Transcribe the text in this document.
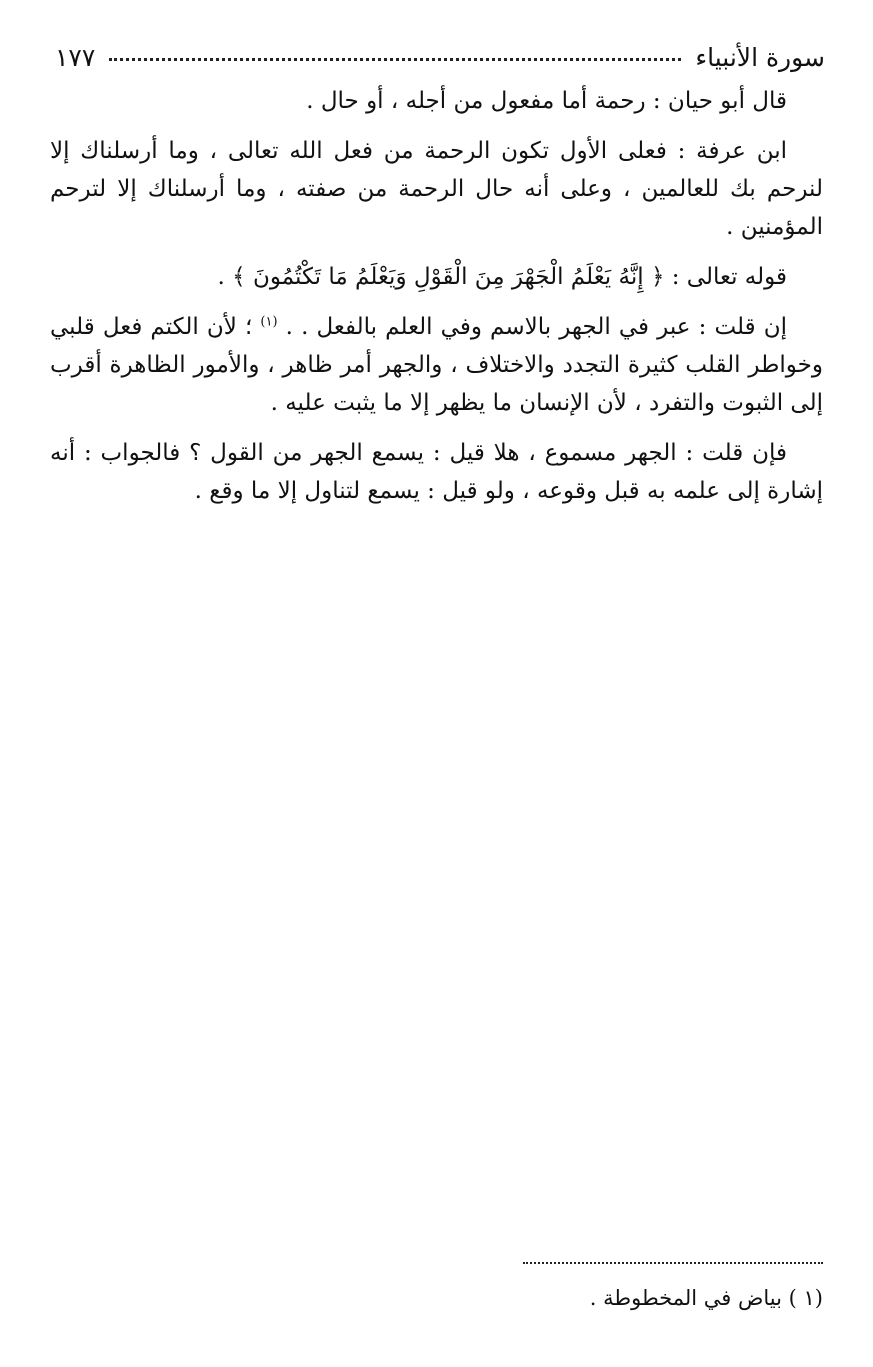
سورة الأنبياء
١٧٧

قال أبو حيان : رحمة أما مفعول من أجله ، أو حال .

ابن عرفة : فعلى الأول تكون الرحمة من فعل الله تعالى ، وما أرسلناك إلا لنرحم بك للعالمين ، وعلى أنه حال الرحمة من صفته ، وما أرسلناك إلا لترحم المؤمنين .

قوله تعالى : ﴿ إِنَّهُ يَعْلَمُ الْجَهْرَ مِنَ الْقَوْلِ وَيَعْلَمُ مَا تَكْتُمُونَ ﴾ .

إن قلت : عبر في الجهر بالاسم وفي العلم بالفعل . . $^{(١)}$ ؛ لأن الكتم فعل قلبي وخواطر القلب كثيرة التجدد والاختلاف ، والجهر أمر ظاهر ، والأمور الظاهرة أقرب إلى الثبوت والتفرد ، لأن الإنسان ما يظهر إلا ما يثبت عليه .

فإن قلت : الجهر مسموع ، هلا قيل : يسمع الجهر من القول ؟ فالجواب : أنه إشارة إلى علمه به قبل وقوعه ، ولو قيل : يسمع لتناول إلا ما وقع .

(١ ) بياض في المخطوطة .
